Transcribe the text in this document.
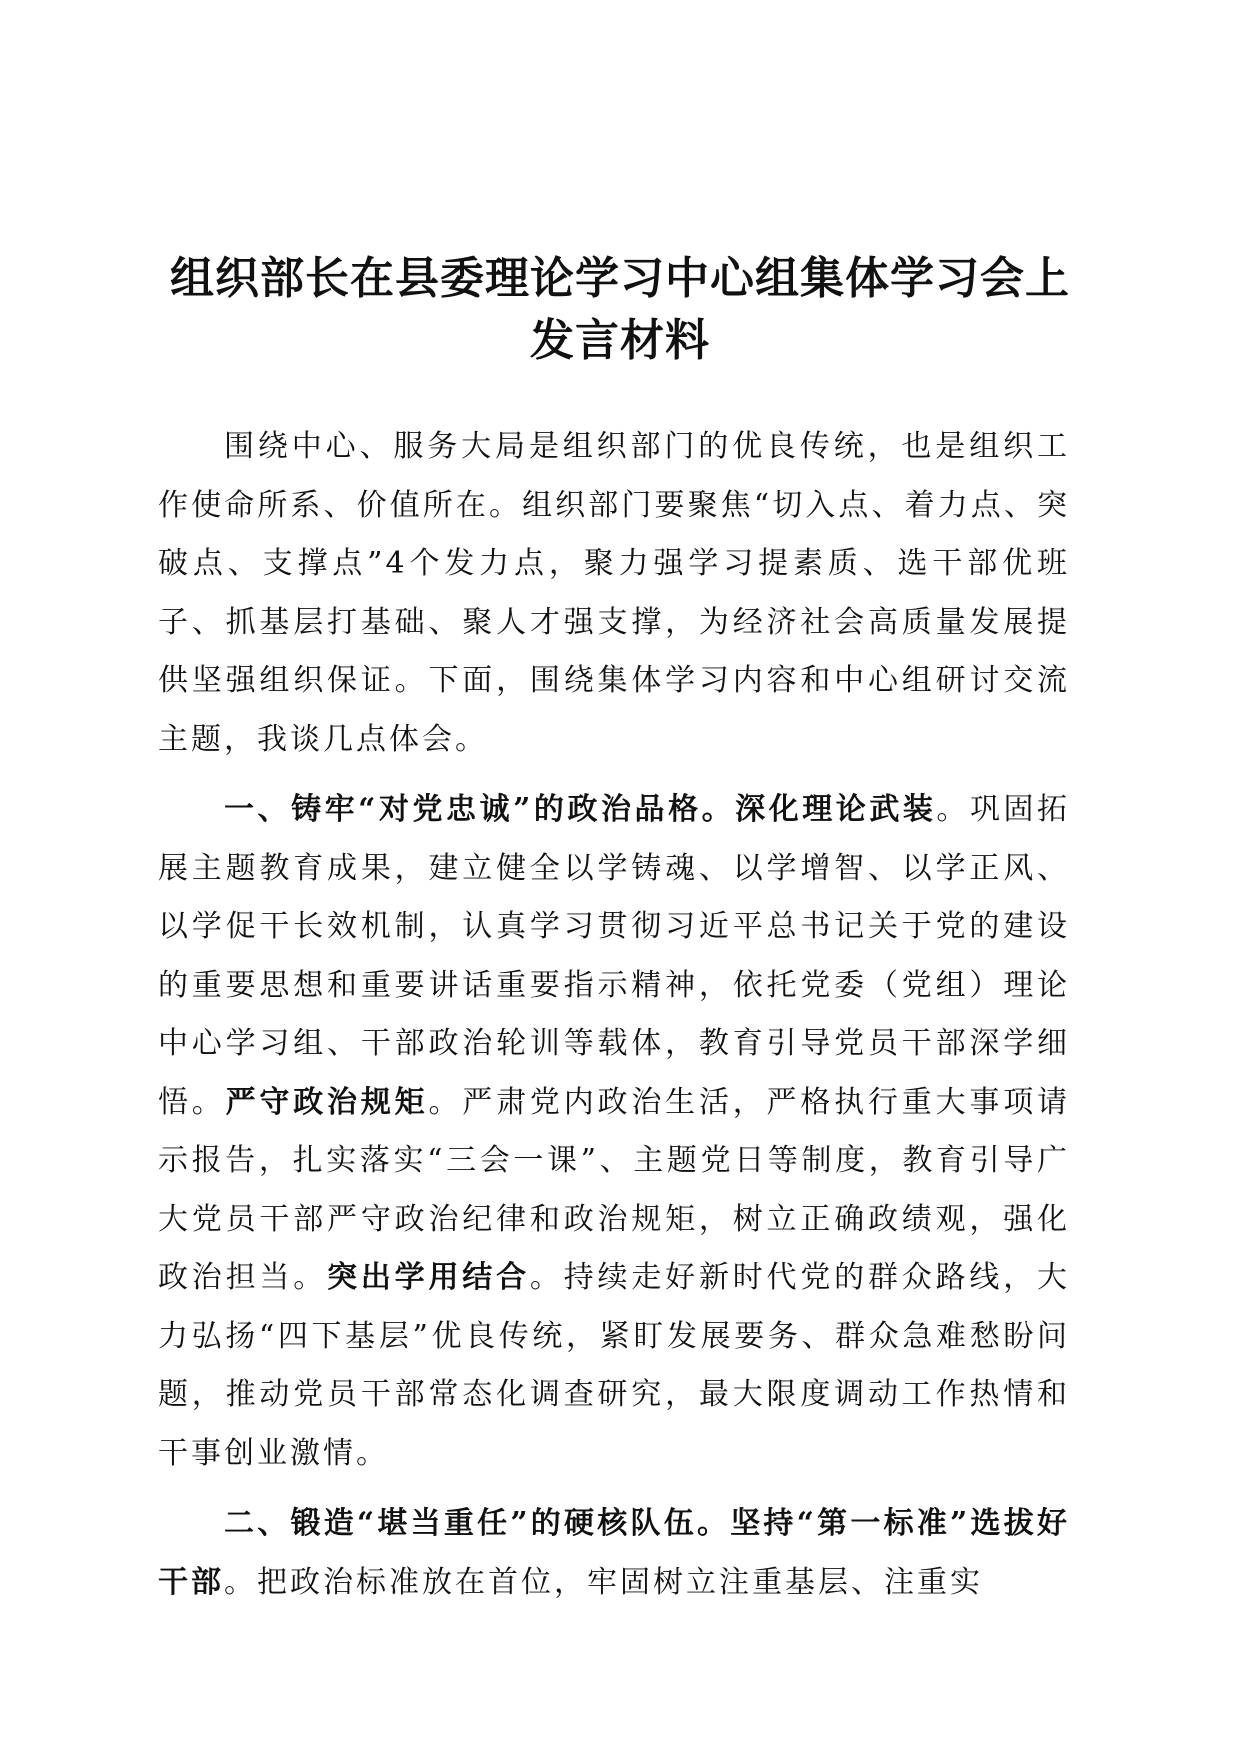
组织部长在县委理论学习中心组集体学习会上
发言材料

围绕中心、服务大局是组织部门的优良传统，也是组织工作使命所系、价值所在。组织部门要聚焦“切入点、着力点、突破点、支撑点”4个发力点，聚力强学习提素质、选干部优班子、抓基层打基础、聚人才强支撑，为经济社会高质量发展提供坚强组织保证。下面，围绕集体学习内容和中心组研讨交流主题，我谈几点体会。

一、铸牢“对党忠诚”的政治品格。深化理论武装。巩固拓展主题教育成果，建立健全以学铸魂、以学增智、以学正风、以学促干长效机制，认真学习贯彻习近平总书记关于党的建设的重要思想和重要讲话重要指示精神，依托党委（党组）理论中心学习组、干部政治轮训等载体，教育引导党员干部深学细悟。严守政治规矩。严肃党内政治生活，严格执行重大事项请示报告，扎实落实“三会一课”、主题党日等制度，教育引导广大党员干部严守政治纪律和政治规矩，树立正确政绩观，强化政治担当。突出学用结合。持续走好新时代党的群众路线，大力弘扬“四下基层”优良传统，紧盯发展要务、群众急难愁盼问题，推动党员干部常态化调查研究，最大限度调动工作热情和干事创业激情。

二、锻造“堪当重任”的硬核队伍。坚持“第一标准”选拔好干部。把政治标准放在首位，牢固树立注重基层、注重实
